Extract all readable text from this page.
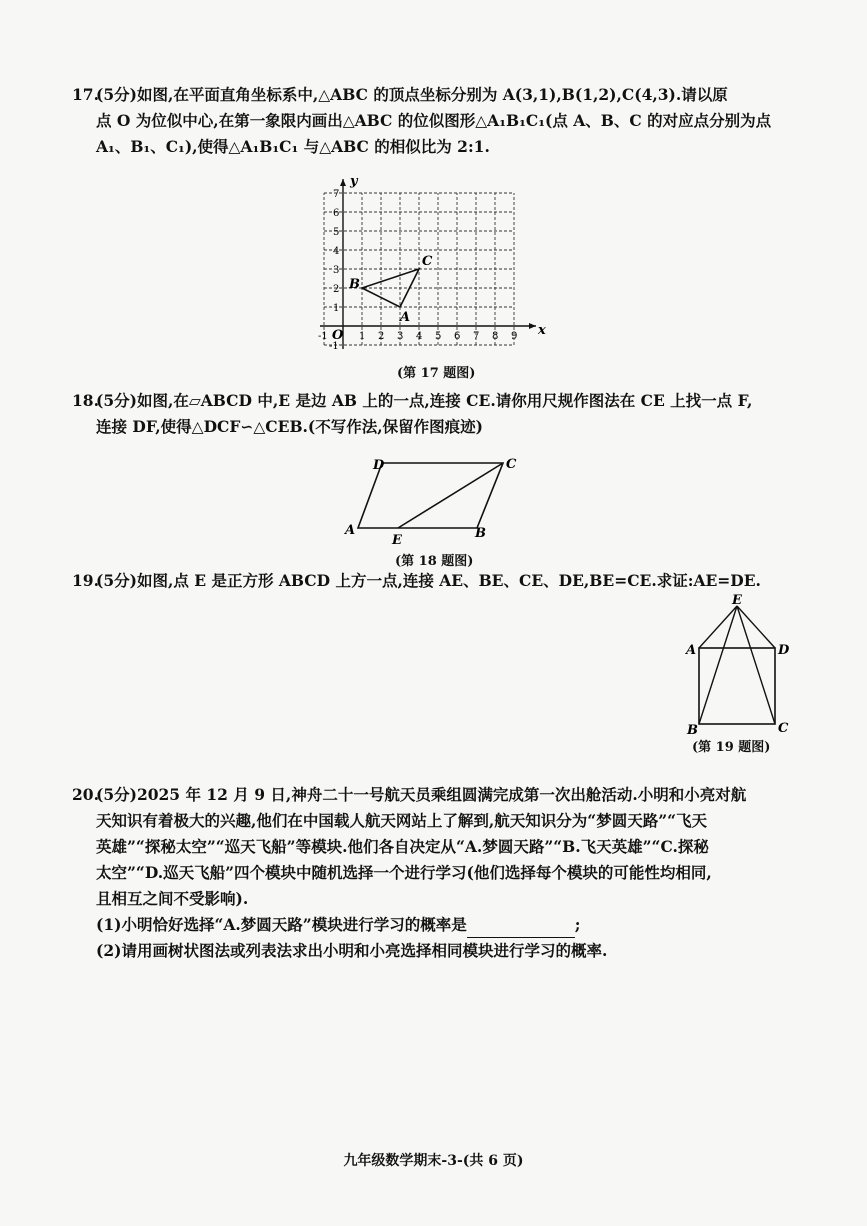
17.
(5分)如图,在平面直角坐标系中,△ABC 的顶点坐标分别为 A(3,1),B(1,2),C(4,3).请以原
点 O 为位似中心,在第一象限内画出△ABC 的位似图形△A₁B₁C₁(点 A、B、C 的对应点分别为点
A₁、B₁、C₁),使得△A₁B₁C₁ 与△ABC 的相似比为 2:1.
x
y
-1 O 1 2 3 4 5 6 7 8 9
-1
1
2
3
4
5
6
7
A
B
C
(第 17 题图)
18.
(5分)如图,在▱ABCD 中,E 是边 AB 上的一点,连接 CE.请你用尺规作图法在 CE 上找一点 F,
连接 DF,使得△DCF∽△CEB.(不写作法,保留作图痕迹)
A	B
C
D
E
(第 18 题图)
19.
(5分)如图,点 E 是正方形 ABCD 上方一点,连接 AE、BE、CE、DE,BE=CE.求证:AE=DE.
E
A	D
B	C
(第 19 题图)
20.
(5分)2025 年 12 月 9 日,神舟二十一号航天员乘组圆满完成第一次出舱活动.小明和小亮对航
天知识有着极大的兴趣,他们在中国载人航天网站上了解到,航天知识分为“梦圆天路”“飞天
英雄”“探秘太空”“巡天飞船”等模块.他们各自决定从“A.梦圆天路”“B.飞天英雄”“C.探秘
太空”“D.巡天飞船”四个模块中随机选择一个进行学习(他们选择每个模块的可能性均相同,
且相互之间不受影响).
(1)小明恰好选择“A.梦圆天路”模块进行学习的概率是	;
(2)请用画树状图法或列表法求出小明和小亮选择相同模块进行学习的概率.
九年级数学期末-3-(共 6 页)
